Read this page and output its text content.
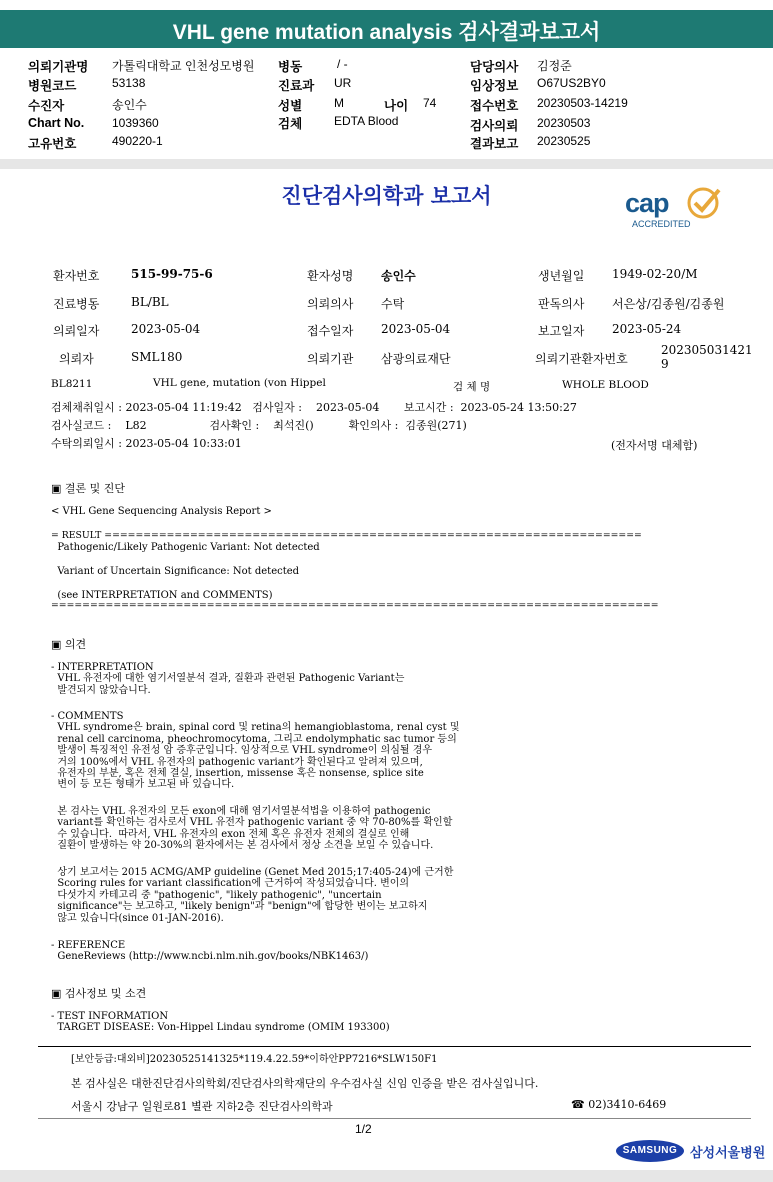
VHL gene mutation analysis 검사결과보고서
의뢰기관명 가톨릭대학교 인천성모병원 병동	/ -	담당의사 김정준
병원코드	53138	진료과 UR	임상정보 O67US2BY0
수진자	송인수	성별	M	나이 74	접수번호 20230503-14219
Chart No. 1039360	검체	EDTA Blood	검사의뢰 20230503
고유번호	490220-1	결과보고 20230525
진단검사의학과 보고서	cap
ACCREDITED
환자번호	515-99-75-6	환자성명 송인수	생년월일 1949-02-20/M
진료병동	BL/BL	의뢰의사 수탁	판독의사 서은상/김종원/김종원
의뢰일자	2023-05-04	접수일자 2023-05-04	보고일자 2023-05-24
의뢰자	SML180	의뢰기관 삼광의료재단	의뢰기관환자번호
202305031421
9
BL8211	VHL gene, mutation (von Hippel	검 체 명	WHOLE BLOOD
검체채취일시 : 2023-05-04 11:19:42   검사일자 :    2023-05-04       보고시간 :  2023-05-24 13:50:27
검사실코드 :    L82                  검사확인 :    최석진()          확인의사 :  김종원(271)
수탁의뢰일시 : 2023-05-04 10:33:01	(전자서명 대체함)
▣ 결론 및 진단
< VHL Gene Sequencing Analysis Report >
= RESULT =====================================================================
Pathogenic/Likely Pathogenic Variant: Not detected
Variant of Uncertain Significance: Not detected
(see INTERPRETATION and COMMENTS)
==============================================================================
▣ 의견
- INTERPRETATION
VHL 유전자에 대한 염기서열분석 결과, 질환과 관련된 Pathogenic Variant는
발견되지 않았습니다.
- COMMENTS
VHL syndrome은 brain, spinal cord 및 retina의 hemangioblastoma, renal cyst 및
renal cell carcinoma, pheochromocytoma, 그리고 endolymphatic sac tumor 등의
발생이 특징적인 유전성 암 증후군입니다. 임상적으로 VHL syndrome이 의심될 경우
거의 100%에서 VHL 유전자의 pathogenic variant가 확인된다고 알려져 있으며,
유전자의 부분, 혹은 전체 결실, insertion, missense 혹은 nonsense, splice site
변이 등 모든 형태가 보고된 바 있습니다.
본 검사는 VHL 유전자의 모든 exon에 대해 염기서열분석법을 이용하여 pathogenic
variant를 확인하는 검사로서 VHL 유전자 pathogenic variant 중 약 70-80%를 확인할
수 있습니다.  따라서, VHL 유전자의 exon 전체 혹은 유전자 전체의 결실로 인해
질환이 발생하는 약 20-30%의 환자에서는 본 검사에서 정상 소견을 보일 수 있습니다.
상기 보고서는 2015 ACMG/AMP guideline (Genet Med 2015;17:405-24)에 근거한
Scoring rules for variant classification에 근거하여 작성되었습니다. 변이의
다섯가지 카테고리 중 "pathogenic", "likely pathogenic", "uncertain
significance"는 보고하고, "likely benign"과 "benign"에 합당한 변이는 보고하지
않고 있습니다(since 01-JAN-2016).
- REFERENCE
GeneReviews (http://www.ncbi.nlm.nih.gov/books/NBK1463/)
▣ 검사정보 및 소견
- TEST INFORMATION
TARGET DISEASE: Von-Hippel Lindau syndrome (OMIM 193300)
[보안등급:대외비]20230525141325*119.4.22.59*이하안PP7216*SLW150F1
본 검사실은 대한진단검사의학회/진단검사의학재단의 우수검사실 신임 인증을 받은 검사실입니다.
서울시 강남구 일원로81 별관 지하2층 진단검사의학과	☎ 02)3410-6469
1/2
SAMSUNG 삼성서울병원
